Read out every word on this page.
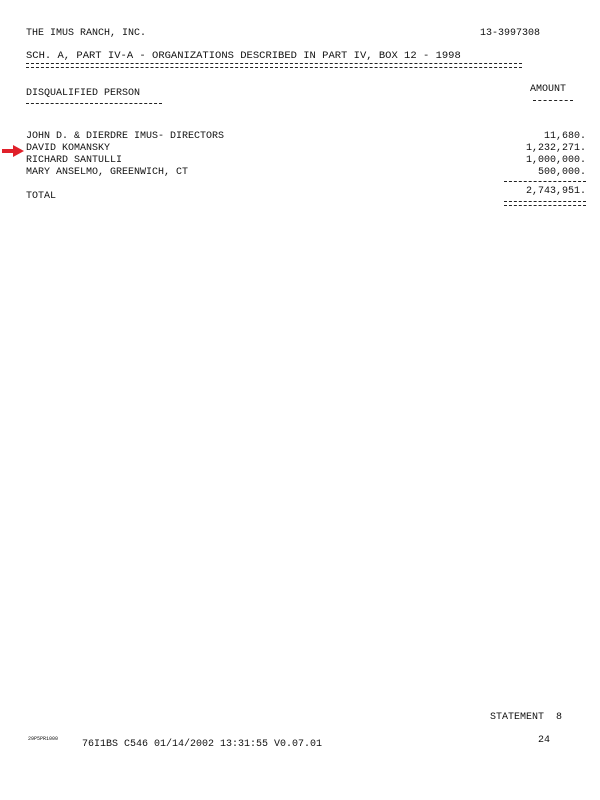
THE IMUS RANCH, INC.	13-3997308
SCH. A, PART IV-A - ORGANIZATIONS DESCRIBED IN PART IV, BOX 12 - 1998
DISQUALIFIED PERSON	AMOUNT
JOHN D. & DIERDRE IMUS- DIRECTORS	11,680.
DAVID KOMANSKY	1,232,271.
RICHARD SANTULLI	1,000,000.
MARY ANSELMO, GREENWICH, CT	500,000.
TOTAL	2,743,951.
STATEMENT  8
29P5PR1000 76I1BS C546 01/14/2002 13:31:55 V0.07.01	24
